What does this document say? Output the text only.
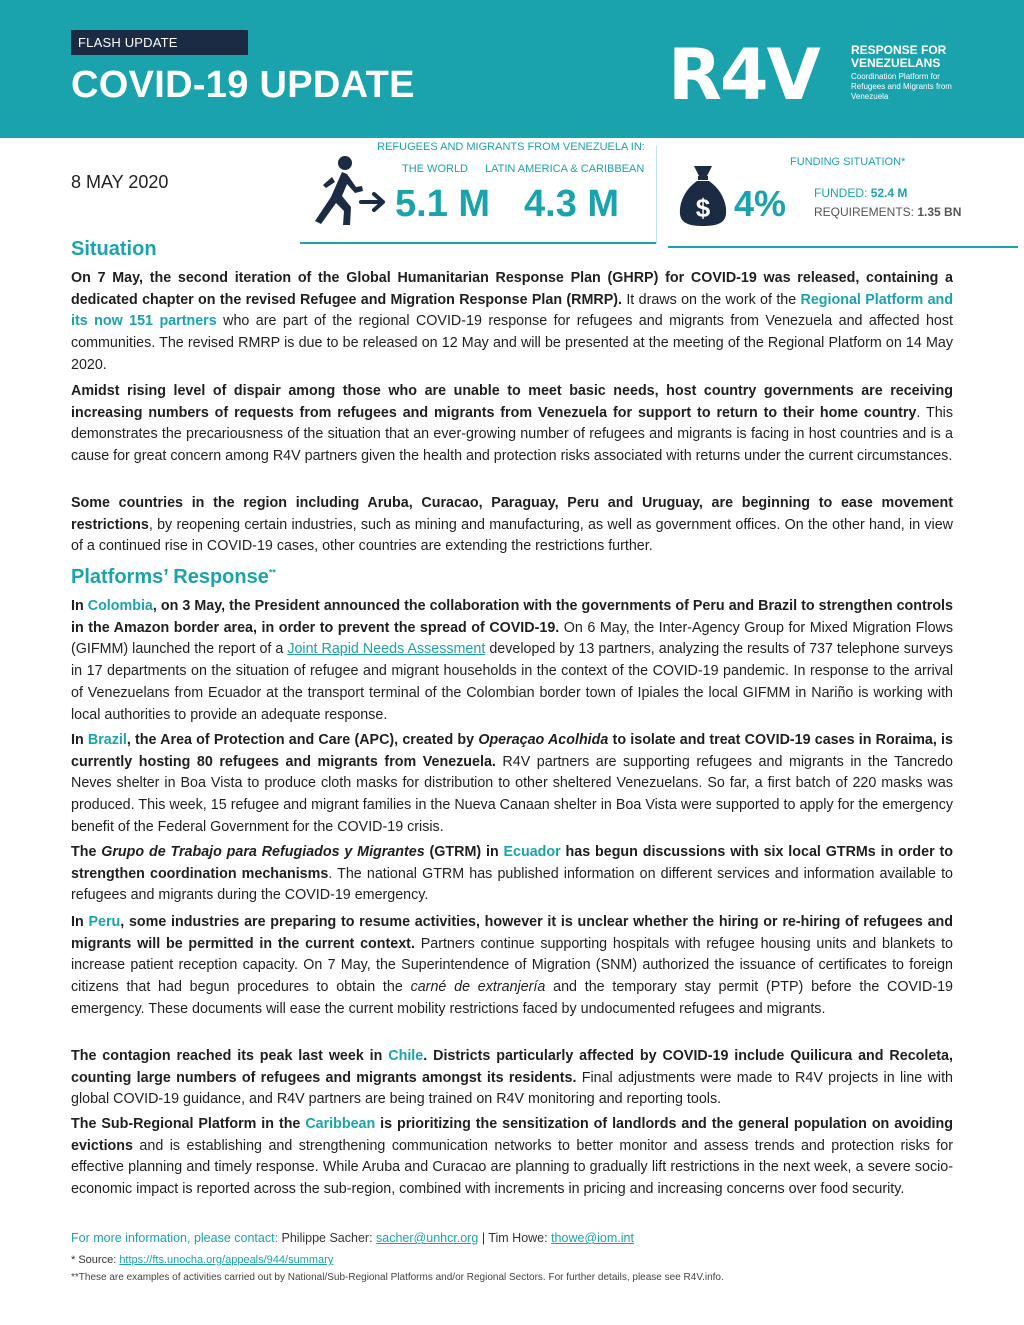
FLASH UPDATE
COVID-19 UPDATE	R4V	RESPONSE FOR VENEZUELANS
Coordination Platform for Refugees and Migrants from Venezuela
8 MAY 2020
REFUGEES AND MIGRANTS FROM VENEZUELA IN:
THE WORLD LATIN AMERICA & CARIBBEAN
5.1 M 4.3 M
FUNDING SITUATION*
$ 4% FUNDED: 52.4 M
REQUIREMENTS: 1.35 BN
Situation
On 7 May, the second iteration of the Global Humanitarian Response Plan (GHRP) for COVID-19 was released, containing a dedicated chapter on the revised Refugee and Migration Response Plan (RMRP). It draws on the work of the Regional Platform and its now 151 partners who are part of the regional COVID-19 response for refugees and migrants from Venezuela and affected host communities. The revised RMRP is due to be released on 12 May and will be presented at the meeting of the Regional Platform on 14 May 2020.
Amidst rising level of dispair among those who are unable to meet basic needs, host country governments are receiving increasing numbers of requests from refugees and migrants from Venezuela for support to return to their home country. This demonstrates the precariousness of the situation that an ever-growing number of refugees and migrants is facing in host countries and is a cause for great concern among R4V partners given the health and protection risks associated with returns under the current circumstances.
Some countries in the region including Aruba, Curacao, Paraguay, Peru and Uruguay, are beginning to ease movement restrictions, by reopening certain industries, such as mining and manufacturing, as well as government offices. On the other hand, in view of a continued rise in COVID-19 cases, other countries are extending the restrictions further.
Platforms’ Response**
In Colombia, on 3 May, the President announced the collaboration with the governments of Peru and Brazil to strengthen controls in the Amazon border area, in order to prevent the spread of COVID-19. On 6 May, the Inter-Agency Group for Mixed Migration Flows (GIFMM) launched the report of a Joint Rapid Needs Assessment developed by 13 partners, analyzing the results of 737 telephone surveys in 17 departments on the situation of refugee and migrant households in the context of the COVID-19 pandemic. In response to the arrival of Venezuelans from Ecuador at the transport terminal of the Colombian border town of Ipiales the local GIFMM in Nariño is working with local authorities to provide an adequate response.
In Brazil, the Area of Protection and Care (APC), created by Operaçao Acolhida to isolate and treat COVID-19 cases in Roraima, is currently hosting 80 refugees and migrants from Venezuela. R4V partners are supporting refugees and migrants in the Tancredo Neves shelter in Boa Vista to produce cloth masks for distribution to other sheltered Venezuelans. So far, a first batch of 220 masks was produced. This week, 15 refugee and migrant families in the Nueva Canaan shelter in Boa Vista were supported to apply for the emergency benefit of the Federal Government for the COVID-19 crisis.
The Grupo de Trabajo para Refugiados y Migrantes (GTRM) in Ecuador has begun discussions with six local GTRMs in order to strengthen coordination mechanisms. The national GTRM has published information on different services and information available to refugees and migrants during the COVID-19 emergency.
In Peru, some industries are preparing to resume activities, however it is unclear whether the hiring or re-hiring of refugees and migrants will be permitted in the current context. Partners continue supporting hospitals with refugee housing units and blankets to increase patient reception capacity. On 7 May, the Superintendence of Migration (SNM) authorized the issuance of certificates to foreign citizens that had begun procedures to obtain the carné de extranjería and the temporary stay permit (PTP) before the COVID-19 emergency. These documents will ease the current mobility restrictions faced by undocumented refugees and migrants.
The contagion reached its peak last week in Chile. Districts particularly affected by COVID-19 include Quilicura and Recoleta, counting large numbers of refugees and migrants amongst its residents. Final adjustments were made to R4V projects in line with global COVID-19 guidance, and R4V partners are being trained on R4V monitoring and reporting tools.
The Sub-Regional Platform in the Caribbean is prioritizing the sensitization of landlords and the general population on avoiding evictions and is establishing and strengthening communication networks to better monitor and assess trends and protection risks for effective planning and timely response. While Aruba and Curacao are planning to gradually lift restrictions in the next week, a severe socio-economic impact is reported across the sub-region, combined with increments in pricing and increasing concerns over food security.
For more information, please contact: Philippe Sacher: sacher@unhcr.org | Tim Howe: thowe@iom.int
* Source: https://fts.unocha.org/appeals/944/summary
**These are examples of activities carried out by National/Sub-Regional Platforms and/or Regional Sectors. For further details, please see R4V.info.
